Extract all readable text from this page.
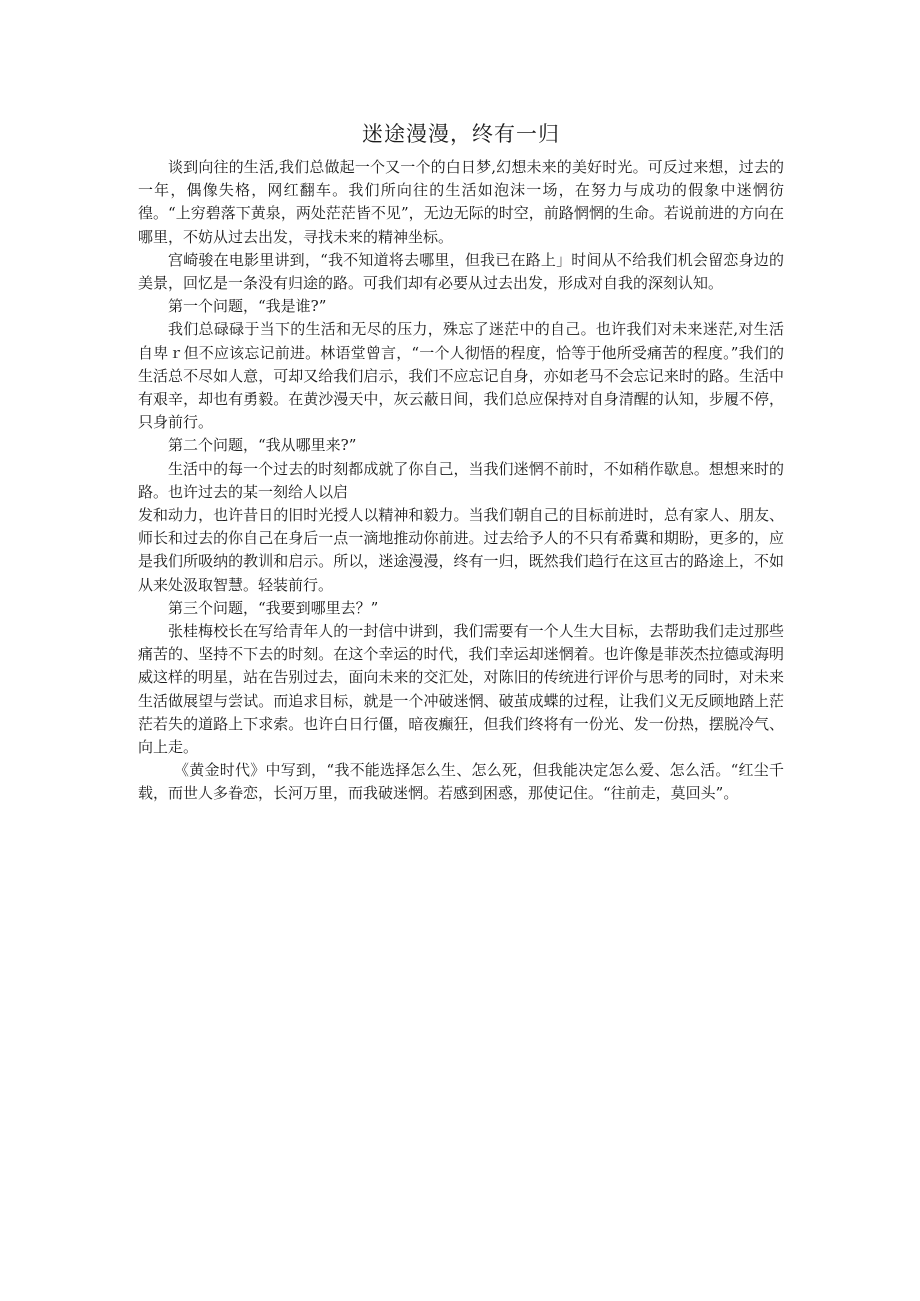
迷途漫漫，终有一归

谈到向往的生活,我们总做起一个又一个的白日梦,幻想未来的美好时光。可反过来想，过去的一年，偶像失格，网红翻车。我们所向往的生活如泡沫一场，在努力与成功的假象中迷惘彷徨。“上穷碧落下黄泉，两处茫茫皆不见”，无边无际的时空，前路惘惘的生命。若说前进的方向在哪里，不妨从过去出发，寻找未来的精神坐标。

宫崎骏在电影里讲到，“我不知道将去哪里，但我已在路上」时间从不给我们机会留恋身边的美景，回忆是一条没有归途的路。可我们却有必要从过去出发，形成对自我的深刻认知。

第一个问题，“我是谁?”

我们总碌碌于当下的生活和无尽的压力，殊忘了迷茫中的自己。也许我们对未来迷茫,对生活自卑ｒ但不应该忘记前进。林语堂曾言，“一个人彻悟的程度，恰等于他所受痛苦的程度。”我们的生活总不尽如人意，可却又给我们启示，我们不应忘记自身，亦如老马不会忘记来时的路。生活中有艰辛，却也有勇毅。在黄沙漫天中，灰云蔽日间，我们总应保持对自身清醒的认知，步履不停，只身前行。

第二个问题，“我从哪里来?”

生活中的每一个过去的时刻都成就了你自己，当我们迷惘不前时，不如稍作歇息。想想来时的路。也许过去的某一刻给人以启

发和动力，也许昔日的旧时光授人以精神和毅力。当我们朝自己的目标前进时，总有家人、朋友、师长和过去的你自己在身后一点一滴地推动你前进。过去给予人的不只有希冀和期盼，更多的，应是我们所吸纳的教训和启示。所以，迷途漫漫，终有一归，既然我们趋行在这亘古的路途上，不如从来处汲取智慧。轻装前行。

第三个问题，“我要到哪里去？”

张桂梅校长在写给青年人的一封信中讲到，我们需要有一个人生大目标，去帮助我们走过那些痛苦的、坚持不下去的时刻。在这个幸运的时代，我们幸运却迷惘着。也许像是菲茨杰拉德或海明威这样的明星，站在告别过去，面向未来的交汇处，对陈旧的传统进行评价与思考的同时，对未来生活做展望与尝试。而追求目标，就是一个冲破迷惘、破茧成蝶的过程，让我们义无反顾地踏上茫茫若失的道路上下求索。也许白日行僵，暗夜癫狂，但我们终将有一份光、发一份热，摆脱冷气、向上走。

《黄金时代》中写到，“我不能选择怎么生、怎么死，但我能决定怎么爱、怎么活。“红尘千载，而世人多眷恋，长河万里，而我破迷惘。若感到困惑，那使记住。“往前走，莫回头”。
